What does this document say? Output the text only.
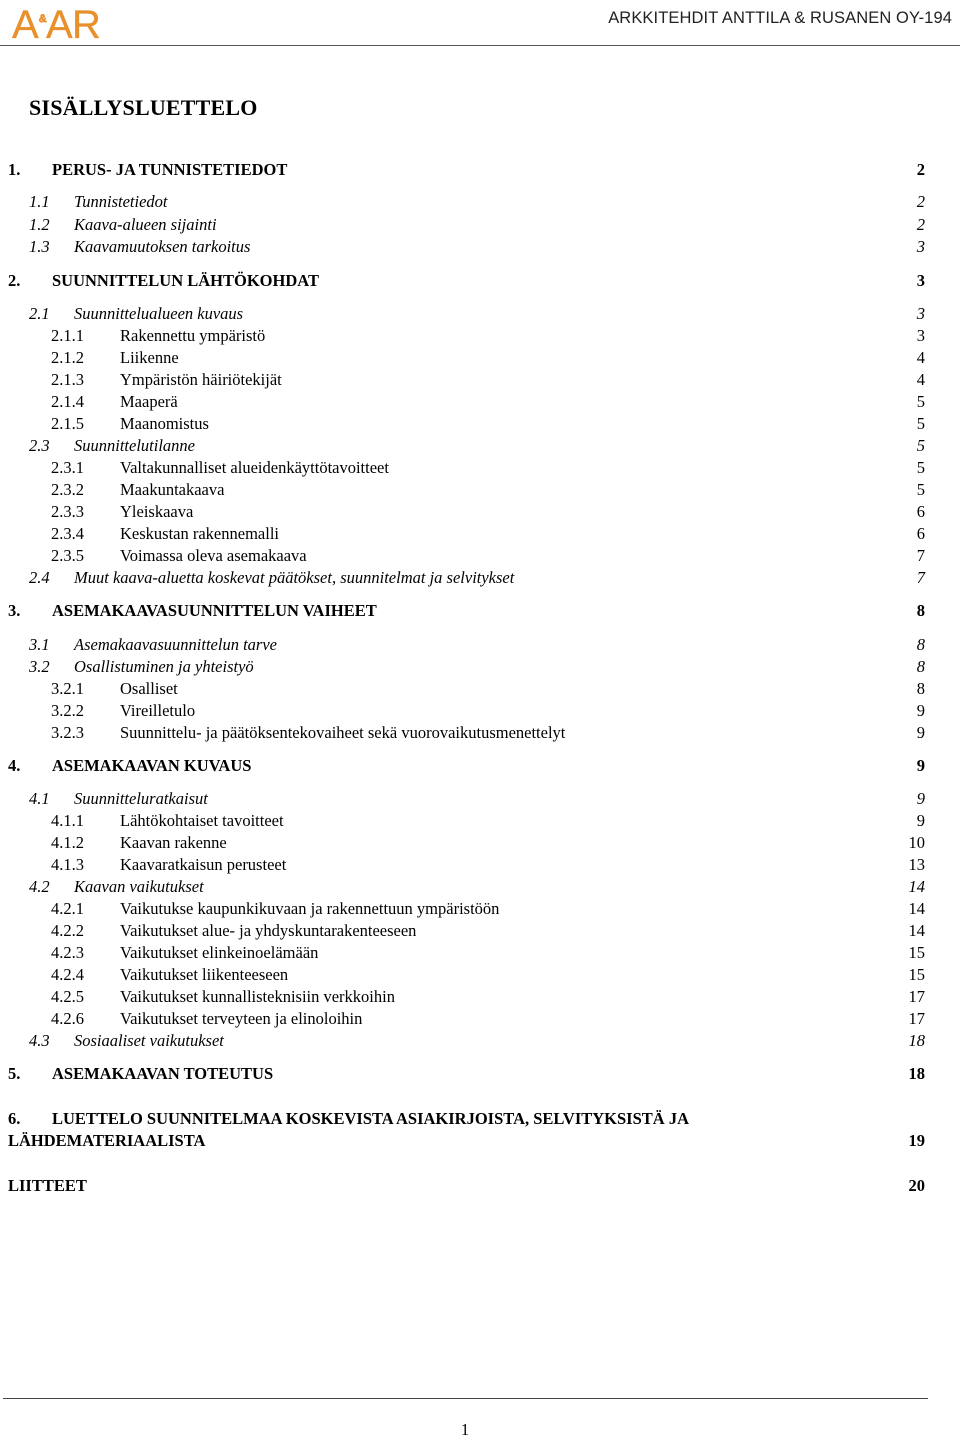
A & A R	ARKKITEHDIT ANTTILA & RUSANEN OY-194
SISÄLLYSLUETTELO
1. PERUS- JA TUNNISTETIEDOT	2
1.1 Tunnistetiedot	2
1.2 Kaava-alueen sijainti	2
1.3 Kaavamuutoksen tarkoitus	3
2. SUUNNITTELUN LÄHTÖKOHDAT	3
2.1 Suunnittelualueen kuvaus	3
2.1.1 Rakennettu ympäristö	3
2.1.2 Liikenne	4
2.1.3 Ympäristön häiriötekijät	4
2.1.4 Maaperä	5
2.1.5 Maanomistus	5
2.3 Suunnittelutilanne	5
2.3.1 Valtakunnalliset alueidenkäyttötavoitteet	5
2.3.2 Maakuntakaava	5
2.3.3 Yleiskaava	6
2.3.4 Keskustan rakennemalli	6
2.3.5 Voimassa oleva asemakaava	7
2.4 Muut kaava-aluetta koskevat päätökset, suunnitelmat ja selvitykset	7
3. ASEMAKAAVASUUNNITTELUN VAIHEET	8
3.1 Asemakaavasuunnittelun tarve	8
3.2 Osallistuminen ja yhteistyö	8
3.2.1 Osalliset	8
3.2.2 Vireilletulo	9
3.2.3 Suunnittelu- ja päätöksentekovaiheet sekä vuorovaikutusmenettelyt	9
4. ASEMAKAAVAN KUVAUS	9
4.1 Suunnitteluratkaisut	9
4.1.1 Lähtökohtaiset tavoitteet	9
4.1.2 Kaavan rakenne	10
4.1.3 Kaavaratkaisun perusteet	13
4.2 Kaavan vaikutukset	14
4.2.1 Vaikutukse kaupunkikuvaan ja rakennettuun ympäristöön	14
4.2.2 Vaikutukset alue- ja yhdyskuntarakenteeseen	14
4.2.3 Vaikutukset elinkeinoelämään	15
4.2.4 Vaikutukset liikenteeseen	15
4.2.5 Vaikutukset kunnallisteknisiin verkkoihin	17
4.2.6 Vaikutukset terveyteen ja elinoloihin	17
4.3 Sosiaaliset vaikutukset	18
5. ASEMAKAAVAN TOTEUTUS	18
6. LUETTELO SUUNNITELMAA KOSKEVISTA ASIAKIRJOISTA, SELVITYKSISTÄ JA
LÄHDEMATERIAALISTA	19
LIITTEET	20
1
